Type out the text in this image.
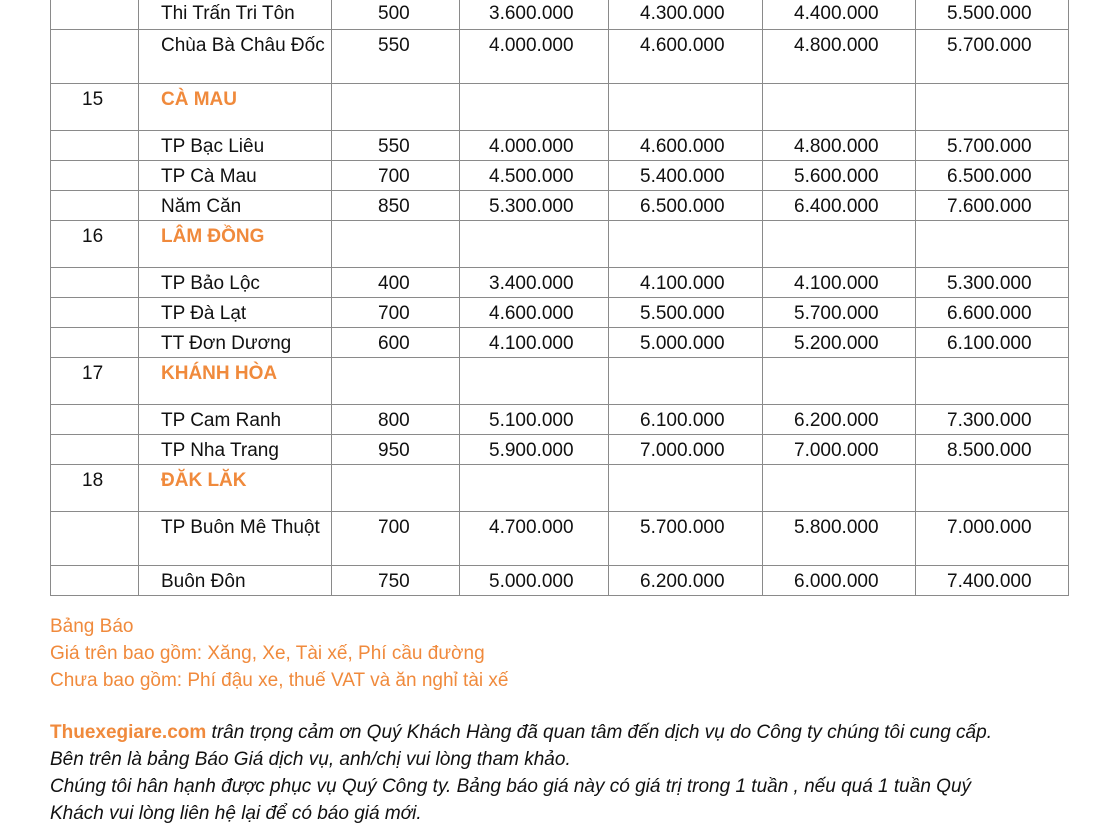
	Thi Trấn Tri Tôn	500	3.600.000	4.300.000	4.400.000	5.500.000
	Chùa Bà Châu Đốc	550	4.000.000	4.600.000	4.800.000	5.700.000
15	CÀ MAU					
	TP Bạc Liêu	550	4.000.000	4.600.000	4.800.000	5.700.000
	TP Cà Mau	700	4.500.000	5.400.000	5.600.000	6.500.000
	Năm Căn	850	5.300.000	6.500.000	6.400.000	7.600.000
16	LÂM ĐỒNG					
	TP Bảo Lộc	400	3.400.000	4.100.000	4.100.000	5.300.000
	TP Đà Lạt	700	4.600.000	5.500.000	5.700.000	6.600.000
	TT Đơn Dương	600	4.100.000	5.000.000	5.200.000	6.100.000
17	KHÁNH HÒA					
	TP Cam Ranh	800	5.100.000	6.100.000	6.200.000	7.300.000
	TP Nha Trang	950	5.900.000	7.000.000	7.000.000	8.500.000
18	ĐĂK LĂK					
	TP Buôn Mê Thuột	700	4.700.000	5.700.000	5.800.000	7.000.000
	Buôn Đôn	750	5.000.000	6.200.000	6.000.000	7.400.000
Bảng Báo
Giá trên bao gồm: Xăng, Xe, Tài xế, Phí cầu đường
Chưa bao gồm: Phí đậu xe, thuế VAT và ăn nghỉ tài xế
Thuexegiare.com trân trọng cảm ơn Quý Khách Hàng đã quan tâm đến dịch vụ do Công ty chúng tôi cung cấp.
Bên trên là bảng Báo Giá dịch vụ, anh/chị vui lòng tham khảo.
Chúng tôi hân hạnh được phục vụ Quý Công ty. Bảng báo giá này có giá trị trong 1 tuần , nếu quá 1 tuần Quý
Khách vui lòng liên hệ lại để có báo giá mới.
